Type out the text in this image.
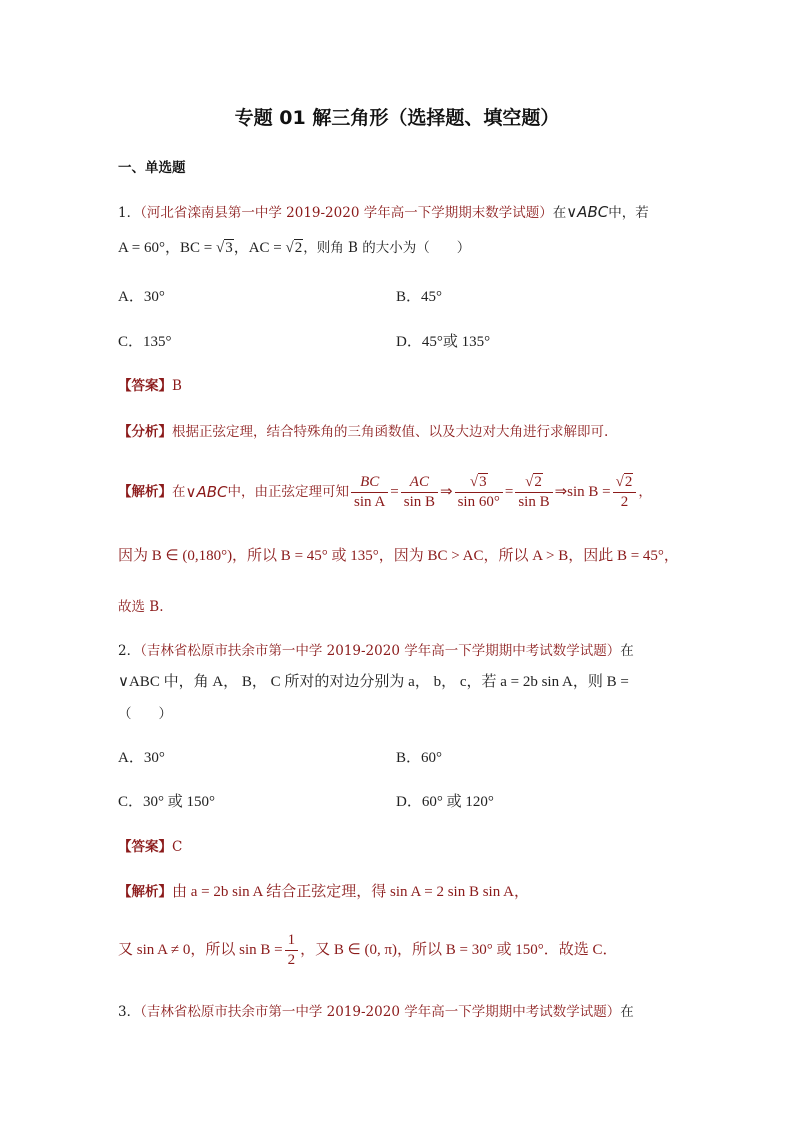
专题 01 解三角形（选择题、填空题）
一、单选题
1．（河北省滦南县第一中学 2019-2020 学年高一下学期期末数学试题）在∨ABC中，若
A = 60°，BC = √3，AC = √2，则角 B 的大小为（　　）
A．30°	B．45°
C．135°	D．45°或 135°
【答案】B
【分析】根据正弦定理，结合特殊角的三角函数值、以及大边对大角进行求解即可.
【解析】 在 ∨ABC 中，由正弦定理可知 $\frac{BC}{\text{sin A}} = \frac{AC}{\text{sin B}}$ ⇒ $\frac{√3}{\sin 60^\circ} = \frac{√2}{\text{sin B}}$ ⇒ $\sin B = \frac{√2}{2}$ ，
因为 B ∈ (0,180°)，所以 B = 45° 或 135°，因为 BC > AC，所以 A > B，因此 B = 45°，
故选 B.
2．（吉林省松原市扶余市第一中学 2019-2020 学年高一下学期期中考试数学试题）在
∨ABC 中，角 A， B， C 所对的对边分别为 a， b， c，若 a = 2b sin A，则 B =
（　　）
A．30°	B．60°
C．30° 或 150°	D．60° 或 120°
【答案】C
【解析】由 a = 2b sin A 结合正弦定理，得 sin A = 2 sin B sin A，
又 sin A ≠ 0，所以 $\sin B = \frac{1}{2}$ ，又 B ∈ (0, π)，所以 B = 30° 或 150°．故选 C．
3．（吉林省松原市扶余市第一中学 2019-2020 学年高一下学期期中考试数学试题）在
